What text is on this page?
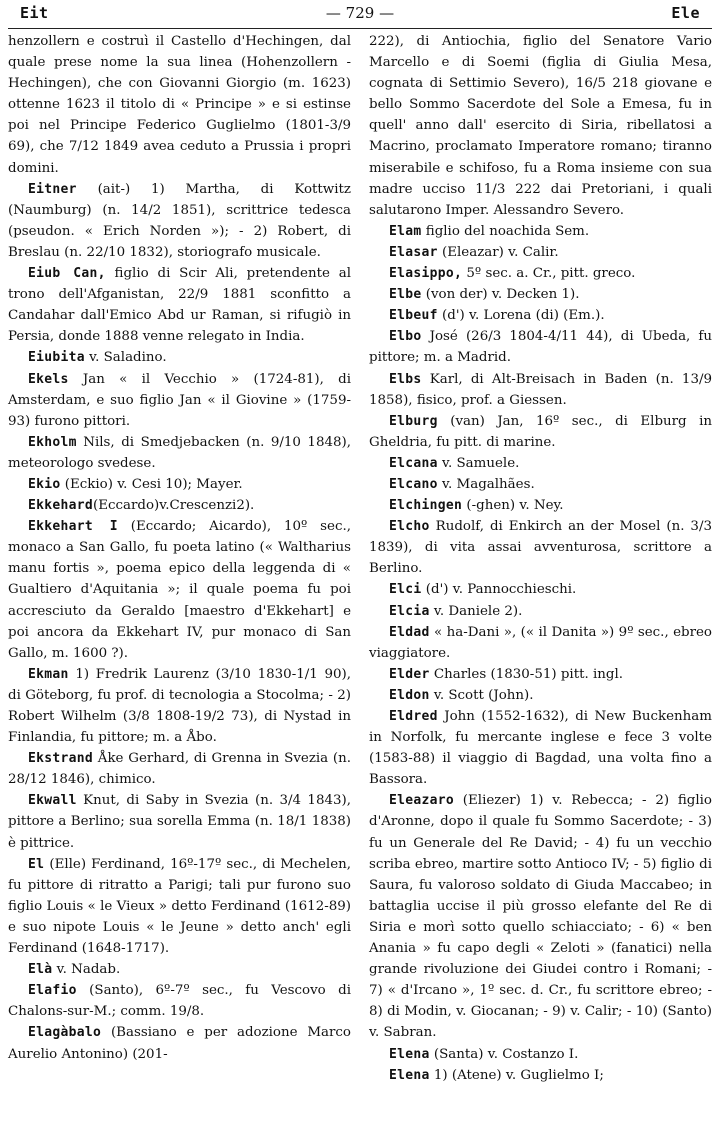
Eit	— 729 —	Ele

henzollern e costruì il Castello d'Hechingen, dal quale prese nome la sua linea (Hohenzollern - Hechingen), che con Giovanni Giorgio (m. 1623) ottenne 1623 il titolo di « Principe » e si estinse poi nel Principe Federico Guglielmo (1801-3/9 69), che 7/12 1849 avea ceduto a Prussia i propri domini.

Eitner (ait-) 1) Martha, di Kottwitz (Naumburg) (n. 14/2 1851), scrittrice tedesca (pseudon. « Erich Norden »); - 2) Robert, di Breslau (n. 22/10 1832), storiografo musicale.

Eiub Can, figlio di Scir Ali, pretendente al trono dell'Afganistan, 22/9 1881 sconfitto a Candahar dall'Emico Abd ur Raman, si rifugiò in Persia, donde 1888 venne relegato in India.

Eiubita v. Saladino.

Ekels Jan « il Vecchio » (1724-81), di Amsterdam, e suo figlio Jan « il Giovine » (1759-93) furono pittori.

Ekholm Nils, di Smedjebacken (n. 9/10 1848), meteorologo svedese.

Ekio (Eckio) v. Cesi 10); Mayer.

Ekkehard(Eccardo)v.Crescenzi2).

Ekkehart I (Eccardo; Aicardo), 10º sec., monaco a San Gallo, fu poeta latino (« Waltharius manu fortis », poema epico della leggenda di « Gualtiero d'Aquitania »; il quale poema fu poi accresciuto da Geraldo [maestro d'Ekkehart] e poi ancora da Ekkehart IV, pur monaco di San Gallo, m. 1600 ?).

Ekman 1) Fredrik Laurenz (3/10 1830-1/1 90), di Göteborg, fu prof. di tecnologia a Stocolma; - 2) Robert Wilhelm (3/8 1808-19/2 73), di Nystad in Finlandia, fu pittore; m. a Åbo.

Ekstrand Åke Gerhard, di Grenna in Svezia (n. 28/12 1846), chimico.

Ekwall Knut, di Saby in Svezia (n. 3/4 1843), pittore a Berlino; sua sorella Emma (n. 18/1 1838) è pittrice.

El (Elle) Ferdinand, 16º-17º sec., di Mechelen, fu pittore di ritratto a Parigi; tali pur furono suo figlio Louis « le Vieux » detto Ferdinand (1612-89) e suo nipote Louis « le Jeune » detto anch' egli Ferdinand (1648-1717).

Elà v. Nadab.

Elafio (Santo), 6º-7º sec., fu Vescovo di Chalons-sur-M.; comm. 19/8.

Elagàbalo (Bassiano e per adozione Marco Aurelio Antonino) (201-

222), di Antiochia, figlio del Senatore Vario Marcello e di Soemi (figlia di Giulia Mesa, cognata di Settimio Severo), 16/5 218 giovane e bello Sommo Sacerdote del Sole a Emesa, fu in quell' anno dall' esercito di Siria, ribellatosi a Macrino, proclamato Imperatore romano; tiranno miserabile e schifoso, fu a Roma insieme con sua madre ucciso 11/3 222 dai Pretoriani, i quali salutarono Imper. Alessandro Severo.

Elam figlio del noachida Sem.

Elasar (Eleazar) v. Calir.

Elasippo, 5º sec. a. Cr., pitt. greco.

Elbe (von der) v. Decken 1).

Elbeuf (d') v. Lorena (di) (Em.).

Elbo José (26/3 1804-4/11 44), di Ubeda, fu pittore; m. a Madrid.

Elbs Karl, di Alt-Breisach in Baden (n. 13/9 1858), fisico, prof. a Giessen.

Elburg (van) Jan, 16º sec., di Elburg in Gheldria, fu pitt. di marine.

Elcana v. Samuele.

Elcano v. Magalhães.

Elchingen (-ghen) v. Ney.

Elcho Rudolf, di Enkirch an der Mosel (n. 3/3 1839), di vita assai avventurosa, scrittore a Berlino.

Elci (d') v. Pannocchieschi.

Elcia v. Daniele 2).

Eldad « ha-Dani », (« il Danita ») 9º sec., ebreo viaggiatore.

Elder Charles (1830-51) pitt. ingl.

Eldon v. Scott (John).

Eldred John (1552-1632), di New Buckenham in Norfolk, fu mercante inglese e fece 3 volte (1583-88) il viaggio di Bagdad, una volta fino a Bassora.

Eleazaro (Eliezer) 1) v. Rebecca; - 2) figlio d'Aronne, dopo il quale fu Sommo Sacerdote; - 3) fu un Generale del Re David; - 4) fu un vecchio scriba ebreo, martire sotto Antioco IV; - 5) figlio di Saura, fu valoroso soldato di Giuda Maccabeo; in battaglia uccise il più grosso elefante del Re di Siria e morì sotto quello schiacciato; - 6) « ben Anania » fu capo degli « Zeloti » (fanatici) nella grande rivoluzione dei Giudei contro i Romani; - 7) « d'Ircano », 1º sec. d. Cr., fu scrittore ebreo; - 8) di Modin, v. Giocanan; - 9) v. Calir; - 10) (Santo) v. Sabran.

Elena (Santa) v. Costanzo I.

Elena 1) (Atene) v. Guglielmo I;
